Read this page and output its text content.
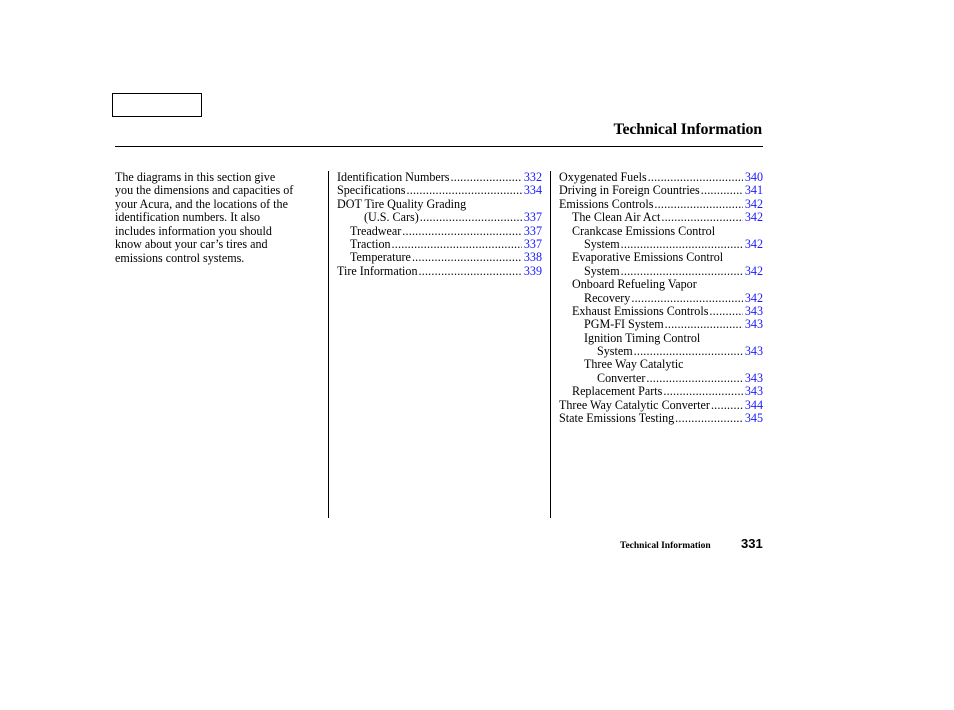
Technical Information
The diagrams in this section give
you the dimensions and capacities of
your Acura, and the locations of the
identification numbers. It also
includes information you should
know about your car’s tires and
emissions control systems.
Identification Numbers .....	332
Specifications .....	334
DOT Tire Quality Grading
(U.S. Cars) .....	337
Treadwear .....	337
Traction .....	337
Temperature .....	338
Tire Information .....	339
Oxygenated Fuels .....	340
Driving in Foreign Countries .....	341
Emissions Controls .....	342
The Clean Air Act .....	342
Crankcase Emissions Control
System .....	342
Evaporative Emissions Control
System .....	342
Onboard Refueling Vapor
Recovery .....	342
Exhaust Emissions Controls .....	343
PGM-FI System .....	343
Ignition Timing Control
System .....	343
Three Way Catalytic
Converter .....	343
Replacement Parts .....	343
Three Way Catalytic Converter .....	344
State Emissions Testing .....	345
Technical Information 331
